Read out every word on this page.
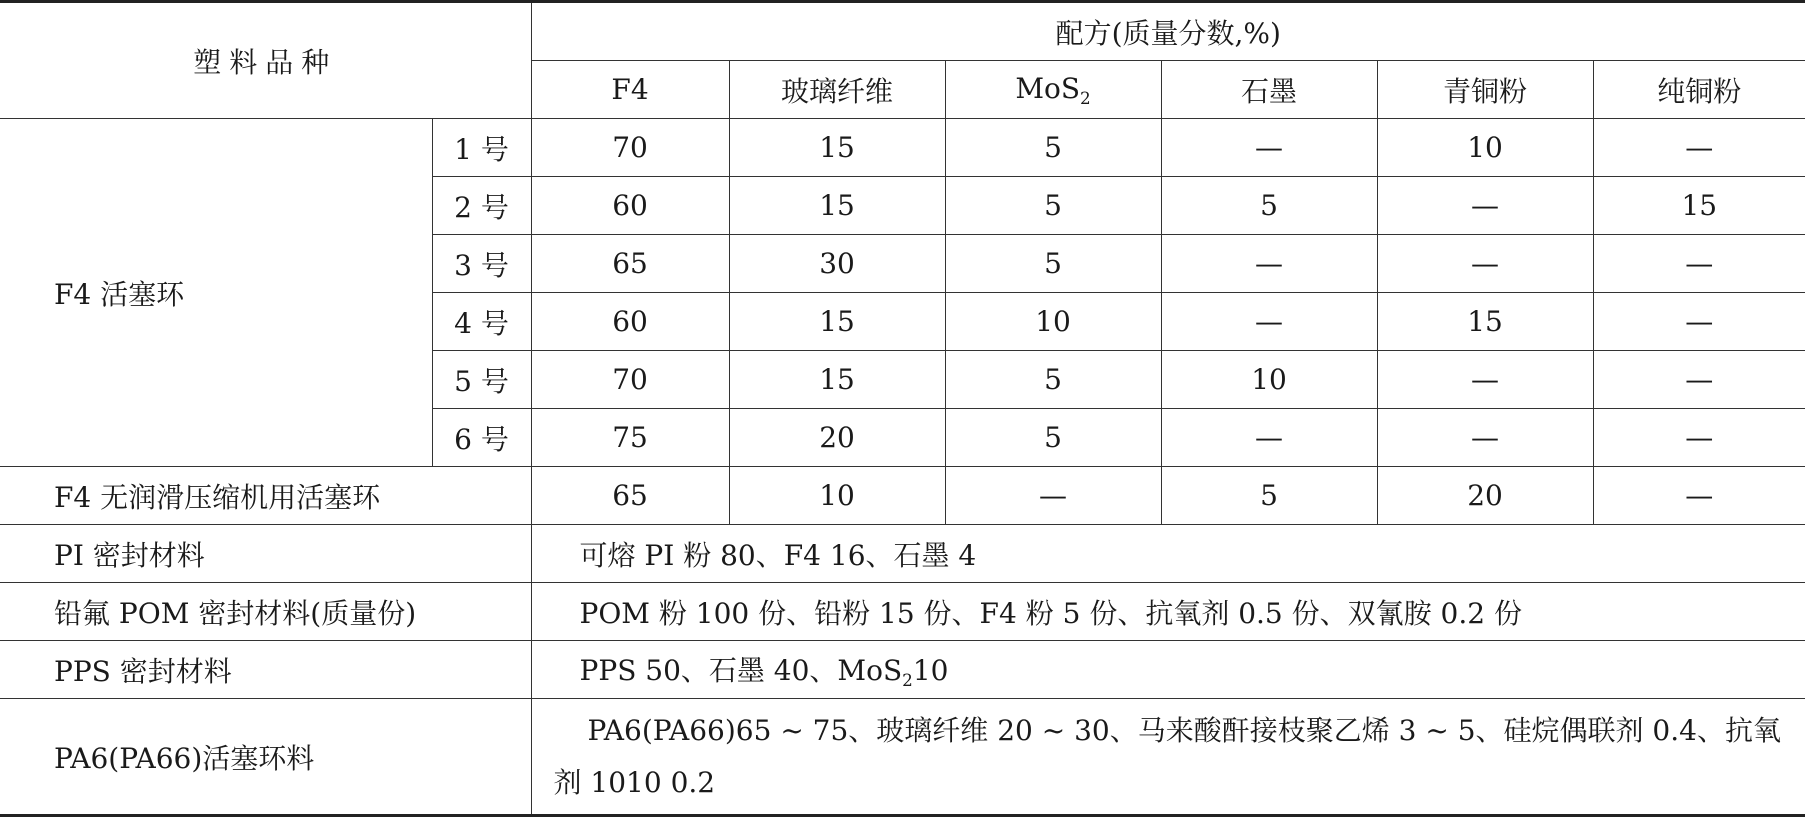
塑料品种		配方(质量分数,%)					
		F4	玻璃纤维	MoS$_2$	石墨	青铜粉	纯铜粉
F4 活塞环	1 号	70	15	5	—	10	—
	2 号	60	15	5	5	—	15
	3 号	65	30	5	—	—	—
	4 号	60	15	10	—	15	—
	5 号	70	15	5	10	—	—
	6 号	75	20	5	—	—	—
F4 无润滑压缩机用活塞环		65	10	—	5	20	—
PI 密封材料		可熔 PI 粉 80、F4 16、石墨 4					
铅氟 POM 密封材料(质量份)		POM 粉 100 份、铅粉 15 份、F4 粉 5 份、抗氧剂 0.5 份、双氰胺 0.2 份					
PPS 密封材料		PPS 50、石墨 40、MoS$_2$10					
PA6(PA66)活塞环料		PA6(PA66)65 ~ 75、玻璃纤维 20 ~ 30、马来酸酐接枝聚乙烯 3 ~ 5、硅烷偶联剂 0.4、抗氧剂 1010 0.2					
